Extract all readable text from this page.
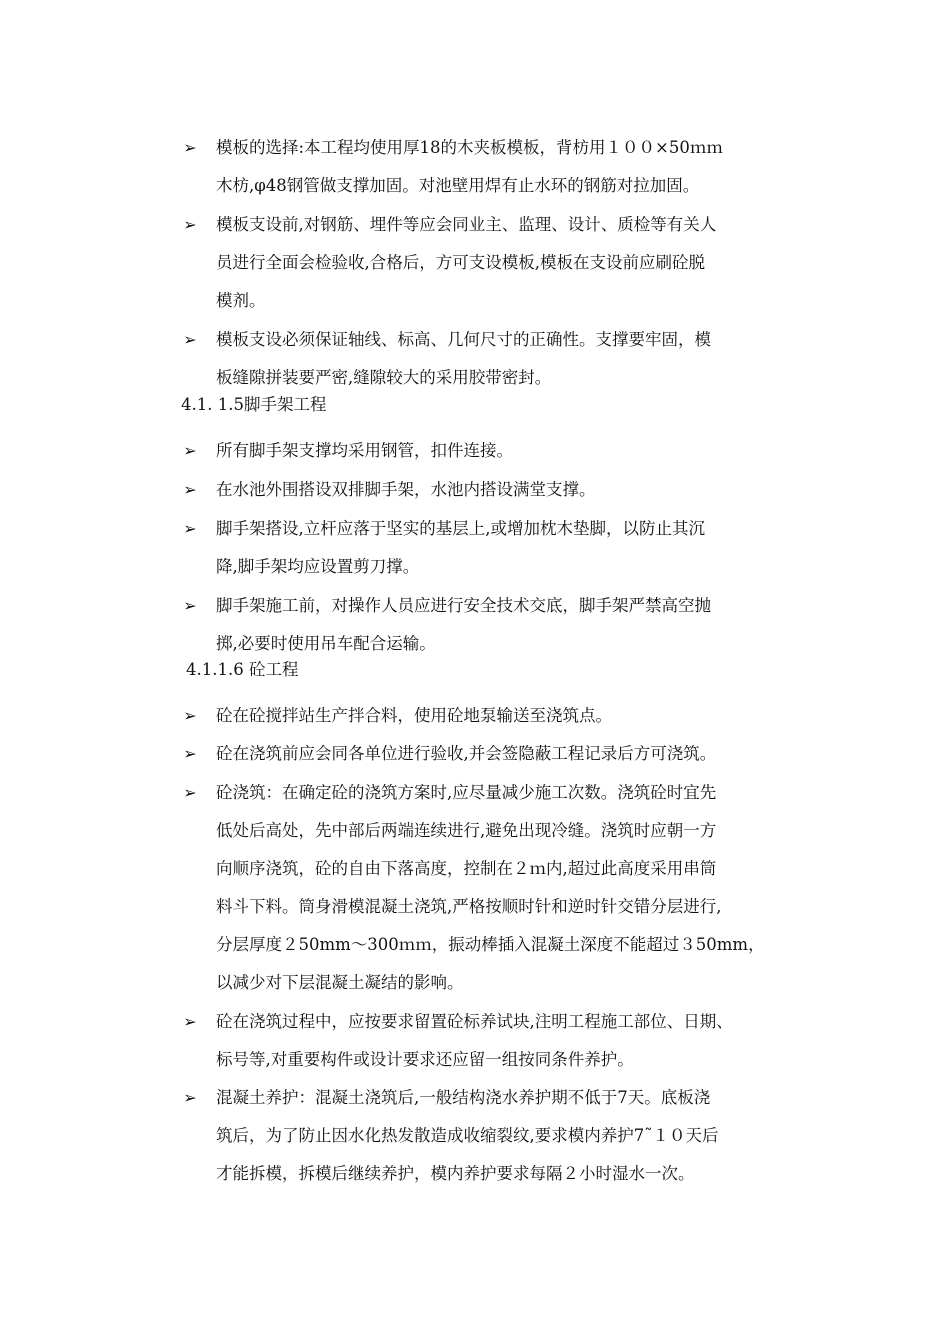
➢ 模板的选择:本工程均使用厚18的木夹板模板，背枋用１００×50ｍｍ
木枋,φ48钢管做支撑加固。对池壁用焊有止水环的钢筋对拉加固。
➢ 模板支设前,对钢筋、埋件等应会同业主、监理、设计、质检等有关人
员进行全面会检验收,合格后，方可支设模板,模板在支设前应刷砼脱
模剂。
➢ 模板支设必须保证轴线、标高、几何尺寸的正确性。支撑要牢固，模
板缝隙拼装要严密,缝隙较大的采用胶带密封。
4.1. 1.5脚手架工程
➢ 所有脚手架支撑均采用钢管，扣件连接。
➢ 在水池外围搭设双排脚手架，水池内搭设满堂支撑。
➢ 脚手架搭设,立杆应落于坚实的基层上,或增加枕木垫脚，以防止其沉
降,脚手架均应设置剪刀撑。
➢ 脚手架施工前，对操作人员应进行安全技术交底，脚手架严禁高空抛
掷,必要时使用吊车配合运输。
4.1.1.6 砼工程
➢ 砼在砼搅拌站生产拌合料，使用砼地泵输送至浇筑点。
➢ 砼在浇筑前应会同各单位进行验收,并会签隐蔽工程记录后方可浇筑。
➢ 砼浇筑：在确定砼的浇筑方案时,应尽量减少施工次数。浇筑砼时宜先
低处后高处，先中部后两端连续进行,避免出现冷缝。浇筑时应朝一方
向顺序浇筑，砼的自由下落高度，控制在２ｍ内,超过此高度采用串筒
料斗下料。筒身滑模混凝土浇筑,严格按顺时针和逆时针交错分层进行,
分层厚度２50mm～300ｍｍ，振动棒插入混凝土深度不能超过３50mm，
以减少对下层混凝土凝结的影响。
➢ 砼在浇筑过程中，应按要求留置砼标养试块,注明工程施工部位、日期、
标号等,对重要构件或设计要求还应留一组按同条件养护。
➢ 混凝土养护：混凝土浇筑后,一般结构浇水养护期不低于7天。底板浇
筑后，为了防止因水化热发散造成收缩裂纹,要求模内养护7˜１０天后
才能拆模，拆模后继续养护，模内养护要求每隔２小时湿水一次。
